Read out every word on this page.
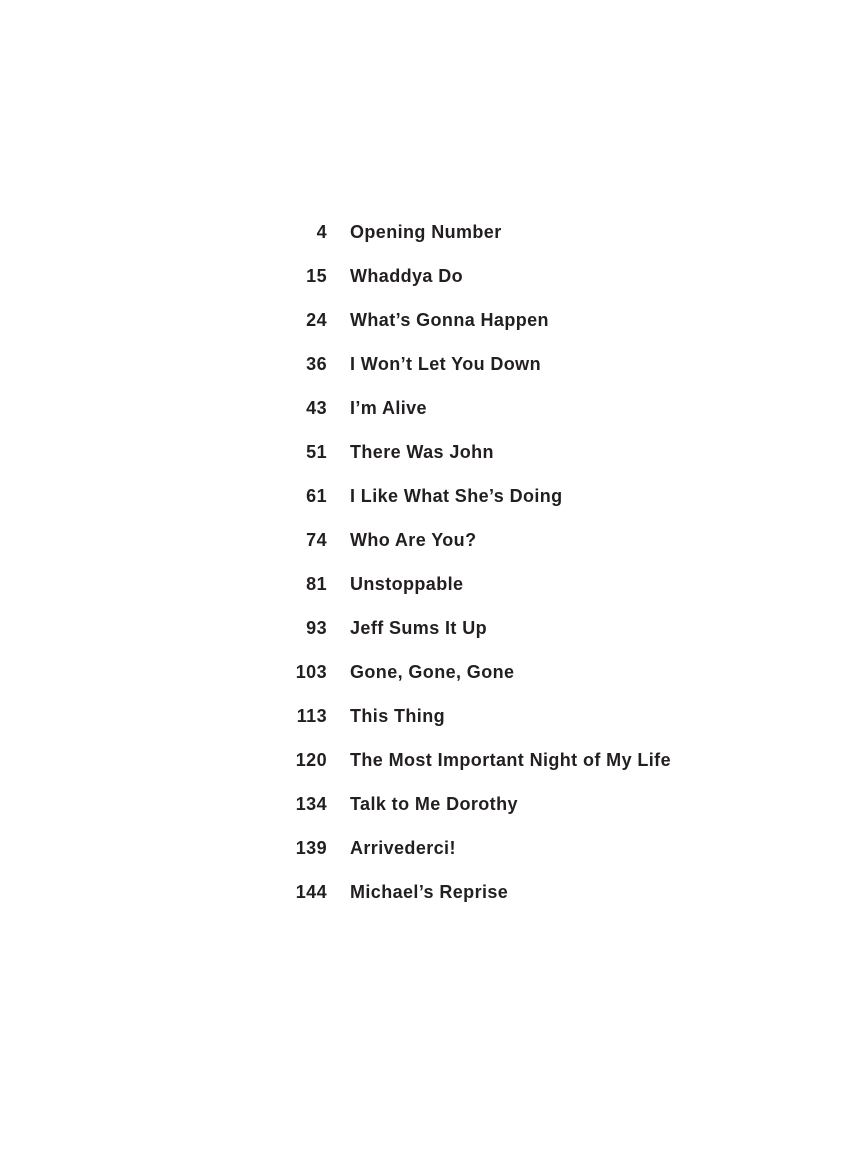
4 Opening Number
15 Whaddya Do
24 What’s Gonna Happen
36 I Won’t Let You Down
43 I’m Alive
51 There Was John
61 I Like What She’s Doing
74 Who Are You?
81 Unstoppable
93 Jeff Sums It Up
103 Gone, Gone, Gone
113 This Thing
120 The Most Important Night of My Life
134 Talk to Me Dorothy
139 Arrivederci!
144 Michael’s Reprise
